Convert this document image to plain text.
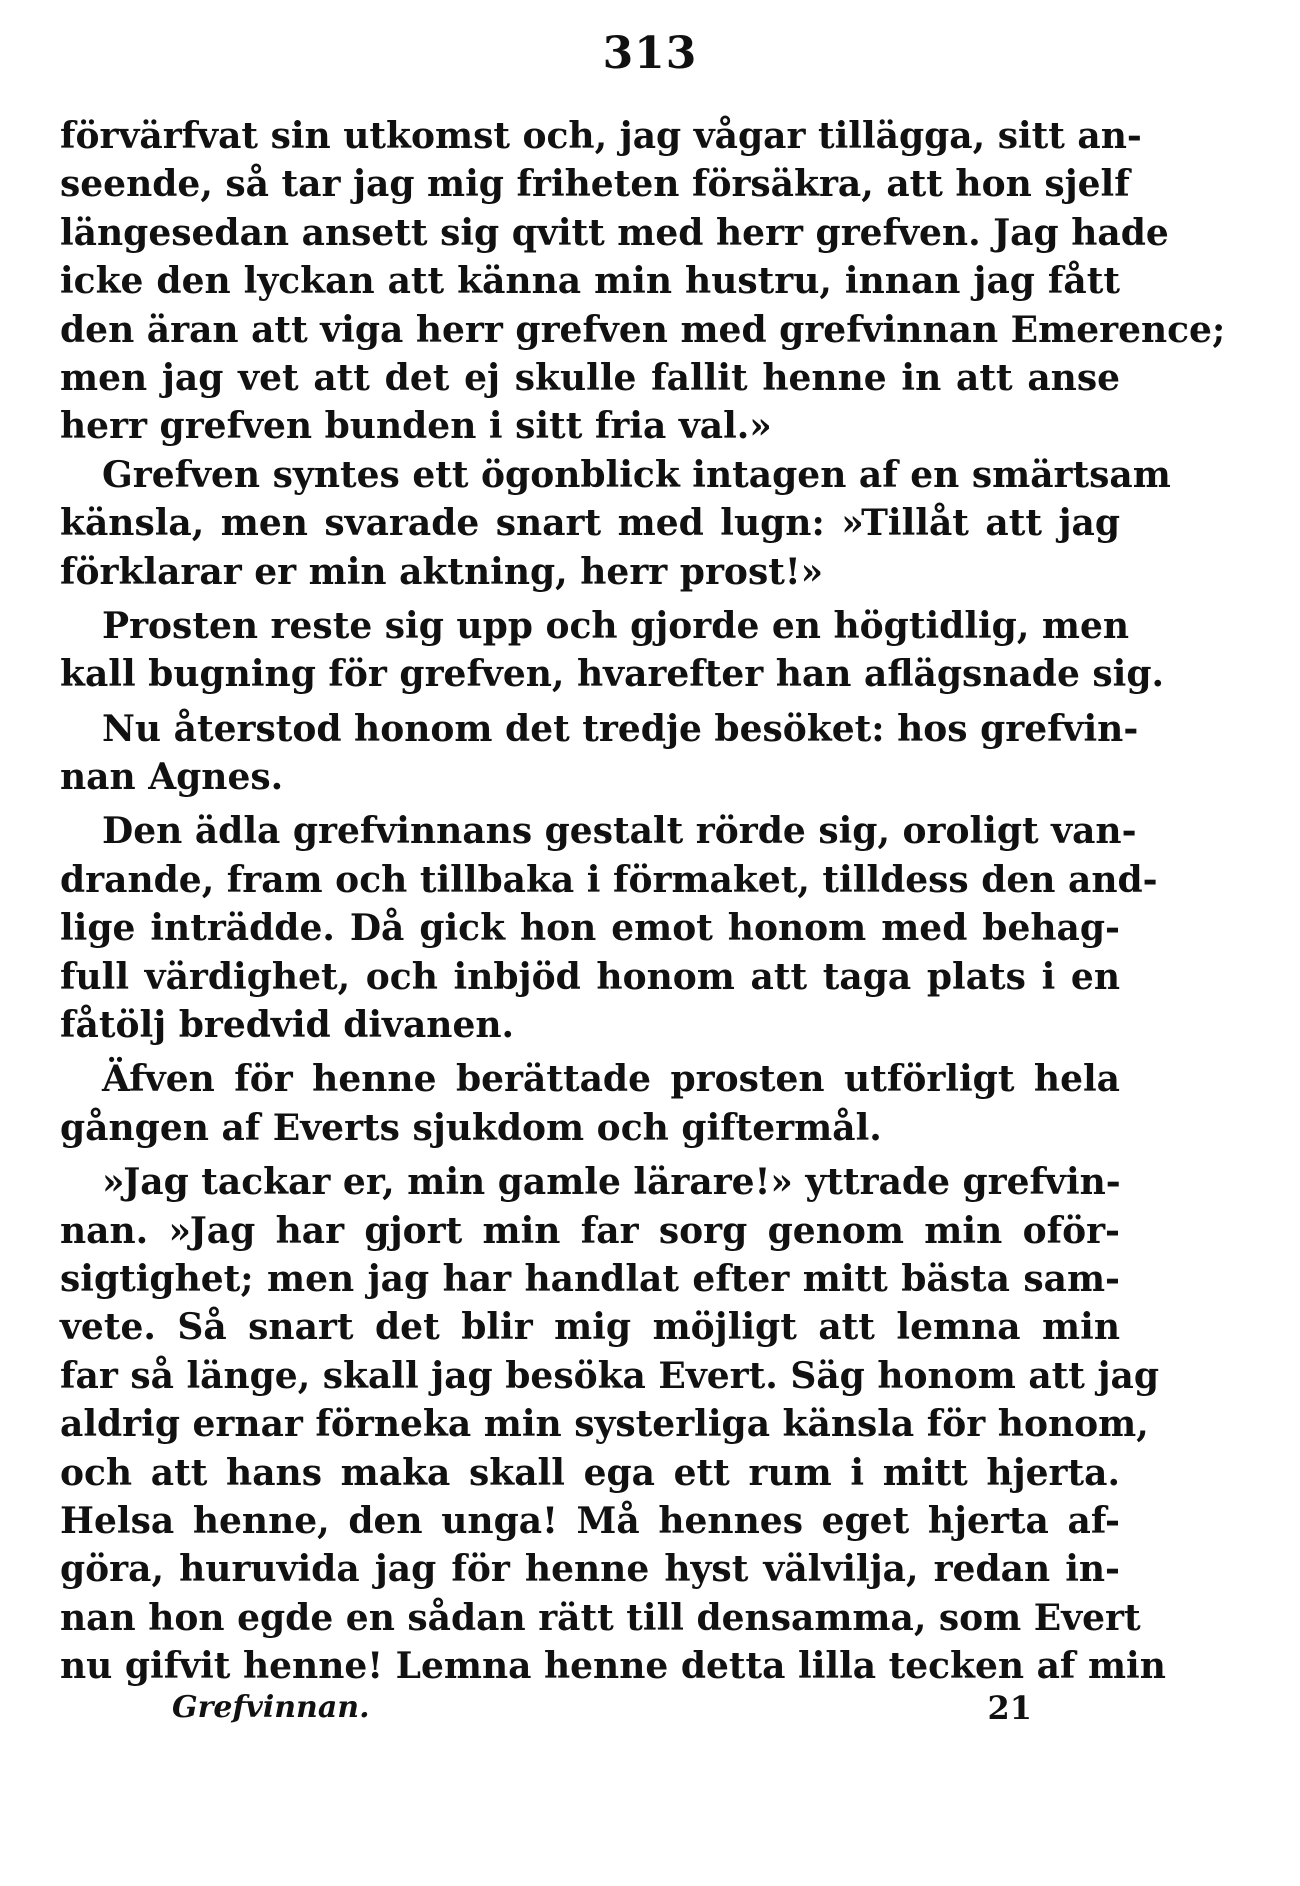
313
förvärfvat sin utkomst och, jag vågar tillägga, sitt an-
seende, så tar jag mig friheten försäkra, att hon sjelf
längesedan ansett sig qvitt med herr grefven. Jag hade
icke den lyckan att känna min hustru, innan jag fått
den äran att viga herr grefven med grefvinnan Emerence;
men jag vet att det ej skulle fallit henne in att anse
herr grefven bunden i sitt fria val.»
Grefven syntes ett ögonblick intagen af en smärtsam
känsla, men svarade snart med lugn: »Tillåt att jag
förklarar er min aktning, herr prost!»
Prosten reste sig upp och gjorde en högtidlig, men
kall bugning för grefven, hvarefter han aflägsnade sig.
Nu återstod honom det tredje besöket: hos grefvin-
nan Agnes.
Den ädla grefvinnans gestalt rörde sig, oroligt van-
drande, fram och tillbaka i förmaket, tilldess den and-
lige inträdde. Då gick hon emot honom med behag-
full värdighet, och inbjöd honom att taga plats i en
fåtölj bredvid divanen.
Äfven för henne berättade prosten utförligt hela
gången af Everts sjukdom och giftermål.
»Jag tackar er, min gamle lärare!» yttrade grefvin-
nan. »Jag har gjort min far sorg genom min oför-
sigtighet; men jag har handlat efter mitt bästa sam-
vete. Så snart det blir mig möjligt att lemna min
far så länge, skall jag besöka Evert. Säg honom att jag
aldrig ernar förneka min systerliga känsla för honom,
och att hans maka skall ega ett rum i mitt hjerta.
Helsa henne, den unga! Må hennes eget hjerta af-
göra, huruvida jag för henne hyst välvilja, redan in-
nan hon egde en sådan rätt till densamma, som Evert
nu gifvit henne! Lemna henne detta lilla tecken af min
Grefvinnan.	21
